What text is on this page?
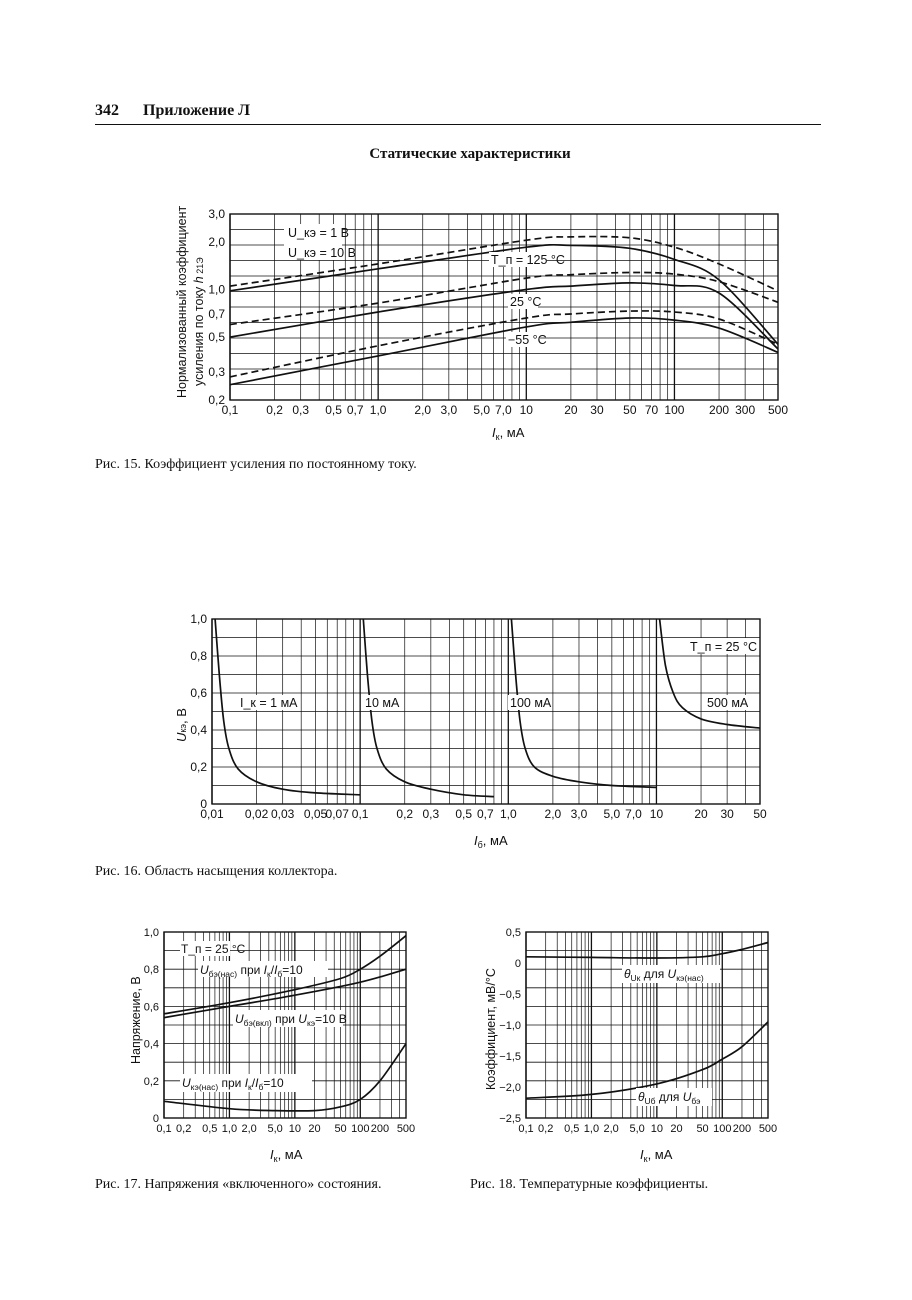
342 Приложение Л
Статические характеристики
Рис. 15. Коэффициент усиления по постоянному току.
Рис. 16. Область насыщения коллектора.
Рис. 17. Напряжения «включенного» состояния.	Рис. 18. Температурные коэффициенты.
0,1 0,2 0,3 0,5 0,7 1,0 2,0 3,0 5,0 7,0 10	20 30 50 70 100 200 300 500
0,2
0,3
0,5
0,7
1,0
2,0
3,0
U_кэ = 1 В
U_кэ = 10 В	T_п = 125 °С
25 °С
−55 °С
$I_к$, мА
Нормализованный коэффициент усиления по току h 21Э
0,01 0,02 0,03 0,05
0,07 0,1 0,2 0,3 0,5 0,7 1,0 2,0 3,0 5,0 7,0 10	20 30 50
0
0,2
0,4
0,6
0,8
1,0
T_п = 25 °С
I_к = 1 мА	10 мА	100 мА	500 мА
$I_б$, мА
Uкэ, В
0,1 0,2 0,5 1,0 2,0 5,0 10 20 50 100 200 500
0
0,2
0,4
0,6
0,8
1,0
T_п = 25 °С
$U_{бэ(нас)}$ при $I_к/I_б=10$
$U_{бэ(вкл)}$ при $U_{кэ}=10$ В
$U_{кэ(нас)}$ при $I_к/I_б=10$
$I_к$, мА
Напряжение, В
0,1 0,2 0,5 1,0 2,0 5,0 10 20 50 100 200 500
−2,5
−2,0
−1,5
−1,0
−0,5
0
0,5
$\theta_{Uк}$ для $U_{кэ(нас)}$
$\theta_{Uб}$ для $U_{бэ}$
$I_к$, мА
Коэффициент, мВ/°С
